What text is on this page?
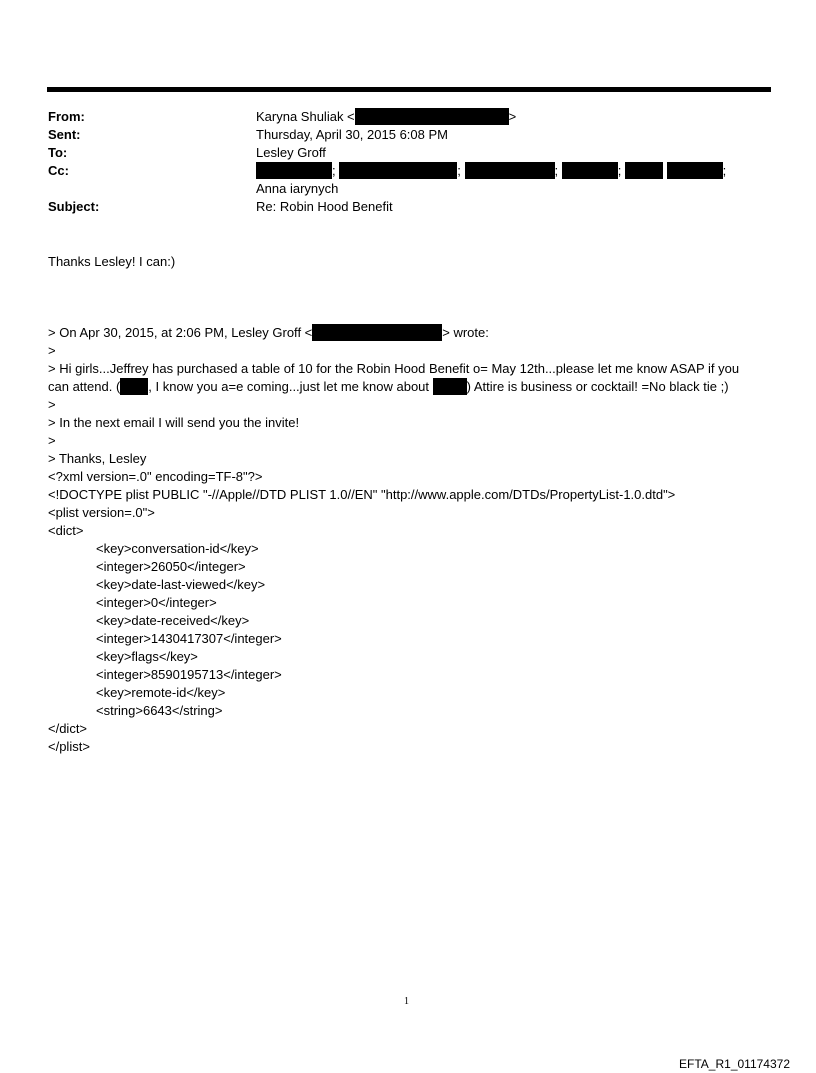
From:	Karyna Shuliak <	>
Sent:	Thursday, April 30, 2015 6:08 PM
To:	Lesley Groff
Cc:	;	;	;	;	;
Anna iarynych
Subject:	Re: Robin Hood Benefit
Thanks Lesley! I can:)
> On Apr 30, 2015, at 2:06 PM, Lesley Groff <	> wrote:
>
> Hi girls...Jeffrey has purchased a table of 10 for the Robin Hood Benefit o= May 12th...please let me know ASAP if you
can attend. ( , I know you a=e coming...just let me know about	) Attire is business or cocktail! =No black tie ;)
>
> In the next email I will send you the invite!
>
> Thanks, Lesley
<?xml version=.0" encoding=TF-8"?>
<!DOCTYPE plist PUBLIC "-//Apple//DTD PLIST 1.0//EN" "http://www.apple.com/DTDs/PropertyList-1.0.dtd">
<plist version=.0">
<dict>
<key>conversation-id</key>
<integer>26050</integer>
<key>date-last-viewed</key>
<integer>0</integer>
<key>date-received</key>
<integer>1430417307</integer>
<key>flags</key>
<integer>8590195713</integer>
<key>remote-id</key>
<string>6643</string>
</dict>
</plist>
1
EFTA_R1_01174372
